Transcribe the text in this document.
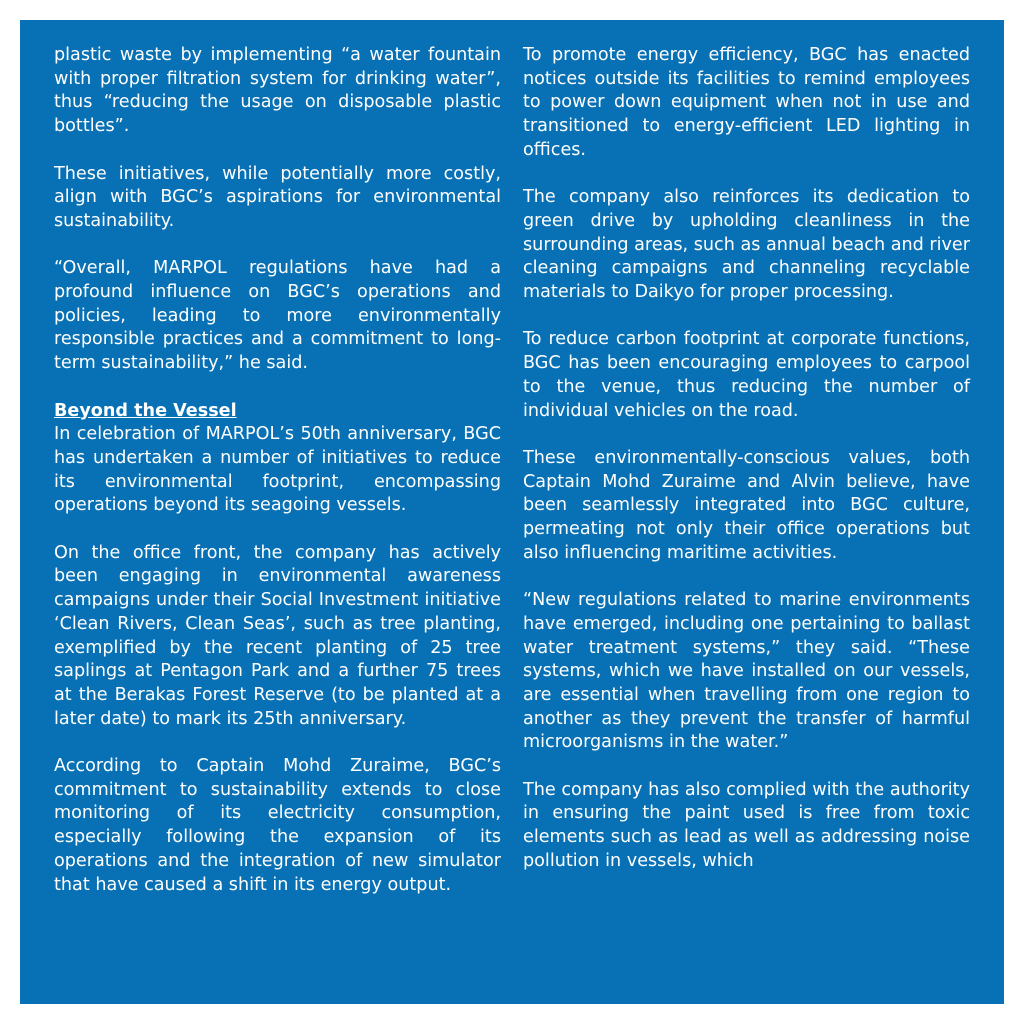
plastic waste by implementing “a water fountain with proper filtration system for drinking water”, thus “reducing the usage on disposable plastic bottles”.

These initiatives, while potentially more costly, align with BGC’s aspirations for environmental sustainability.

“Overall, MARPOL regulations have had a profound influence on BGC’s operations and policies, leading to more environmentally responsible practices and a commitment to long-term sustainability,” he said.

Beyond the Vessel

In celebration of MARPOL’s 50th anniversary, BGC has undertaken a number of initiatives to reduce its environmental footprint, encompassing operations beyond its seagoing vessels.

On the office front, the company has actively been engaging in environmental awareness campaigns under their Social Investment initiative ‘Clean Rivers, Clean Seas’, such as tree planting, exemplified by the recent planting of 25 tree saplings at Pentagon Park and a further 75 trees at the Berakas Forest Reserve (to be planted at a later date) to mark its 25th anniversary.

According to Captain Mohd Zuraime, BGC’s commitment to sustainability extends to close monitoring of its electricity consumption, especially following the expansion of its operations and the integration of new simulator that have caused a shift in its energy output.

To promote energy efficiency, BGC has enacted notices outside its facilities to remind employees to power down equipment when not in use and transitioned to energy-efficient LED lighting in offices.

The company also reinforces its dedication to green drive by upholding cleanliness in the surrounding areas, such as annual beach and river cleaning campaigns and channeling recyclable materials to Daikyo for proper processing.

To reduce carbon footprint at corporate functions, BGC has been encouraging employees to carpool to the venue, thus reducing the number of individual vehicles on the road.

These environmentally-conscious values, both Captain Mohd Zuraime and Alvin believe, have been seamlessly integrated into BGC culture, permeating not only their office operations but also influencing maritime activities.

“New regulations related to marine environments have emerged, including one pertaining to ballast water treatment systems,” they said. “These systems, which we have installed on our vessels, are essential when travelling from one region to another as they prevent the transfer of harmful microorganisms in the water.”

The company has also complied with the authority in ensuring the paint used is free from toxic elements such as lead as well as addressing noise pollution in vessels, which
